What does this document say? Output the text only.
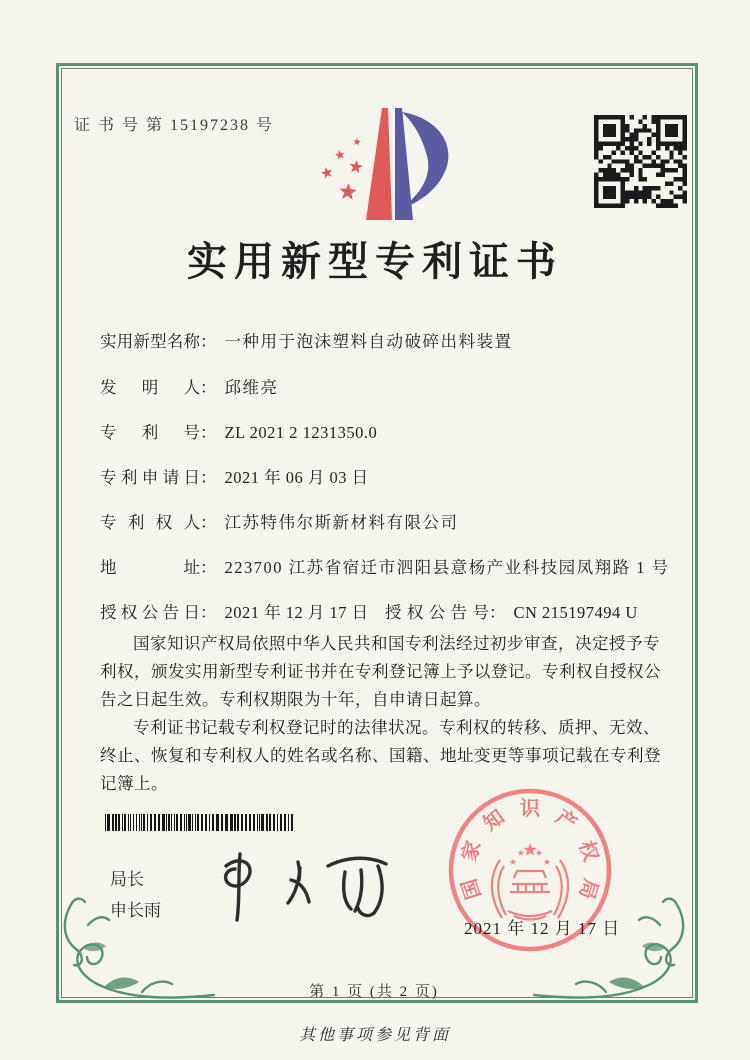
证 书 号 第 15197238 号
实用新型专利证书
实用新型名称： 一种用于泡沫塑料自动破碎出料装置
发明人： 邱维亮
专利号： ZL 2021 2 1231350.0
专利申请日： 2021 年 06 月 03 日
专利权人： 江苏特伟尔斯新材料有限公司
地址： 223700 江苏省宿迁市泗阳县意杨产业科技园凤翔路 1 号
授权公告日： 2021 年 12 月 17 日 授权公告号： CN 215197494 U

国家知识产权局依照中华人民共和国专利法经过初步审查，决定授予专利权，颁发实用新型专利证书并在专利登记簿上予以登记。专利权自授权公告之日起生效。专利权期限为十年，自申请日起算。

专利证书记载专利权登记时的法律状况。专利权的转移、质押、无效、终止、恢复和专利权人的姓名或名称、国籍、地址变更等事项记载在专利登记簿上。

局长
申长雨
国
家
知 识 产
权
局
2021 年 12 月 17 日
第 1 页 (共 2 页)
其他事项参见背面
